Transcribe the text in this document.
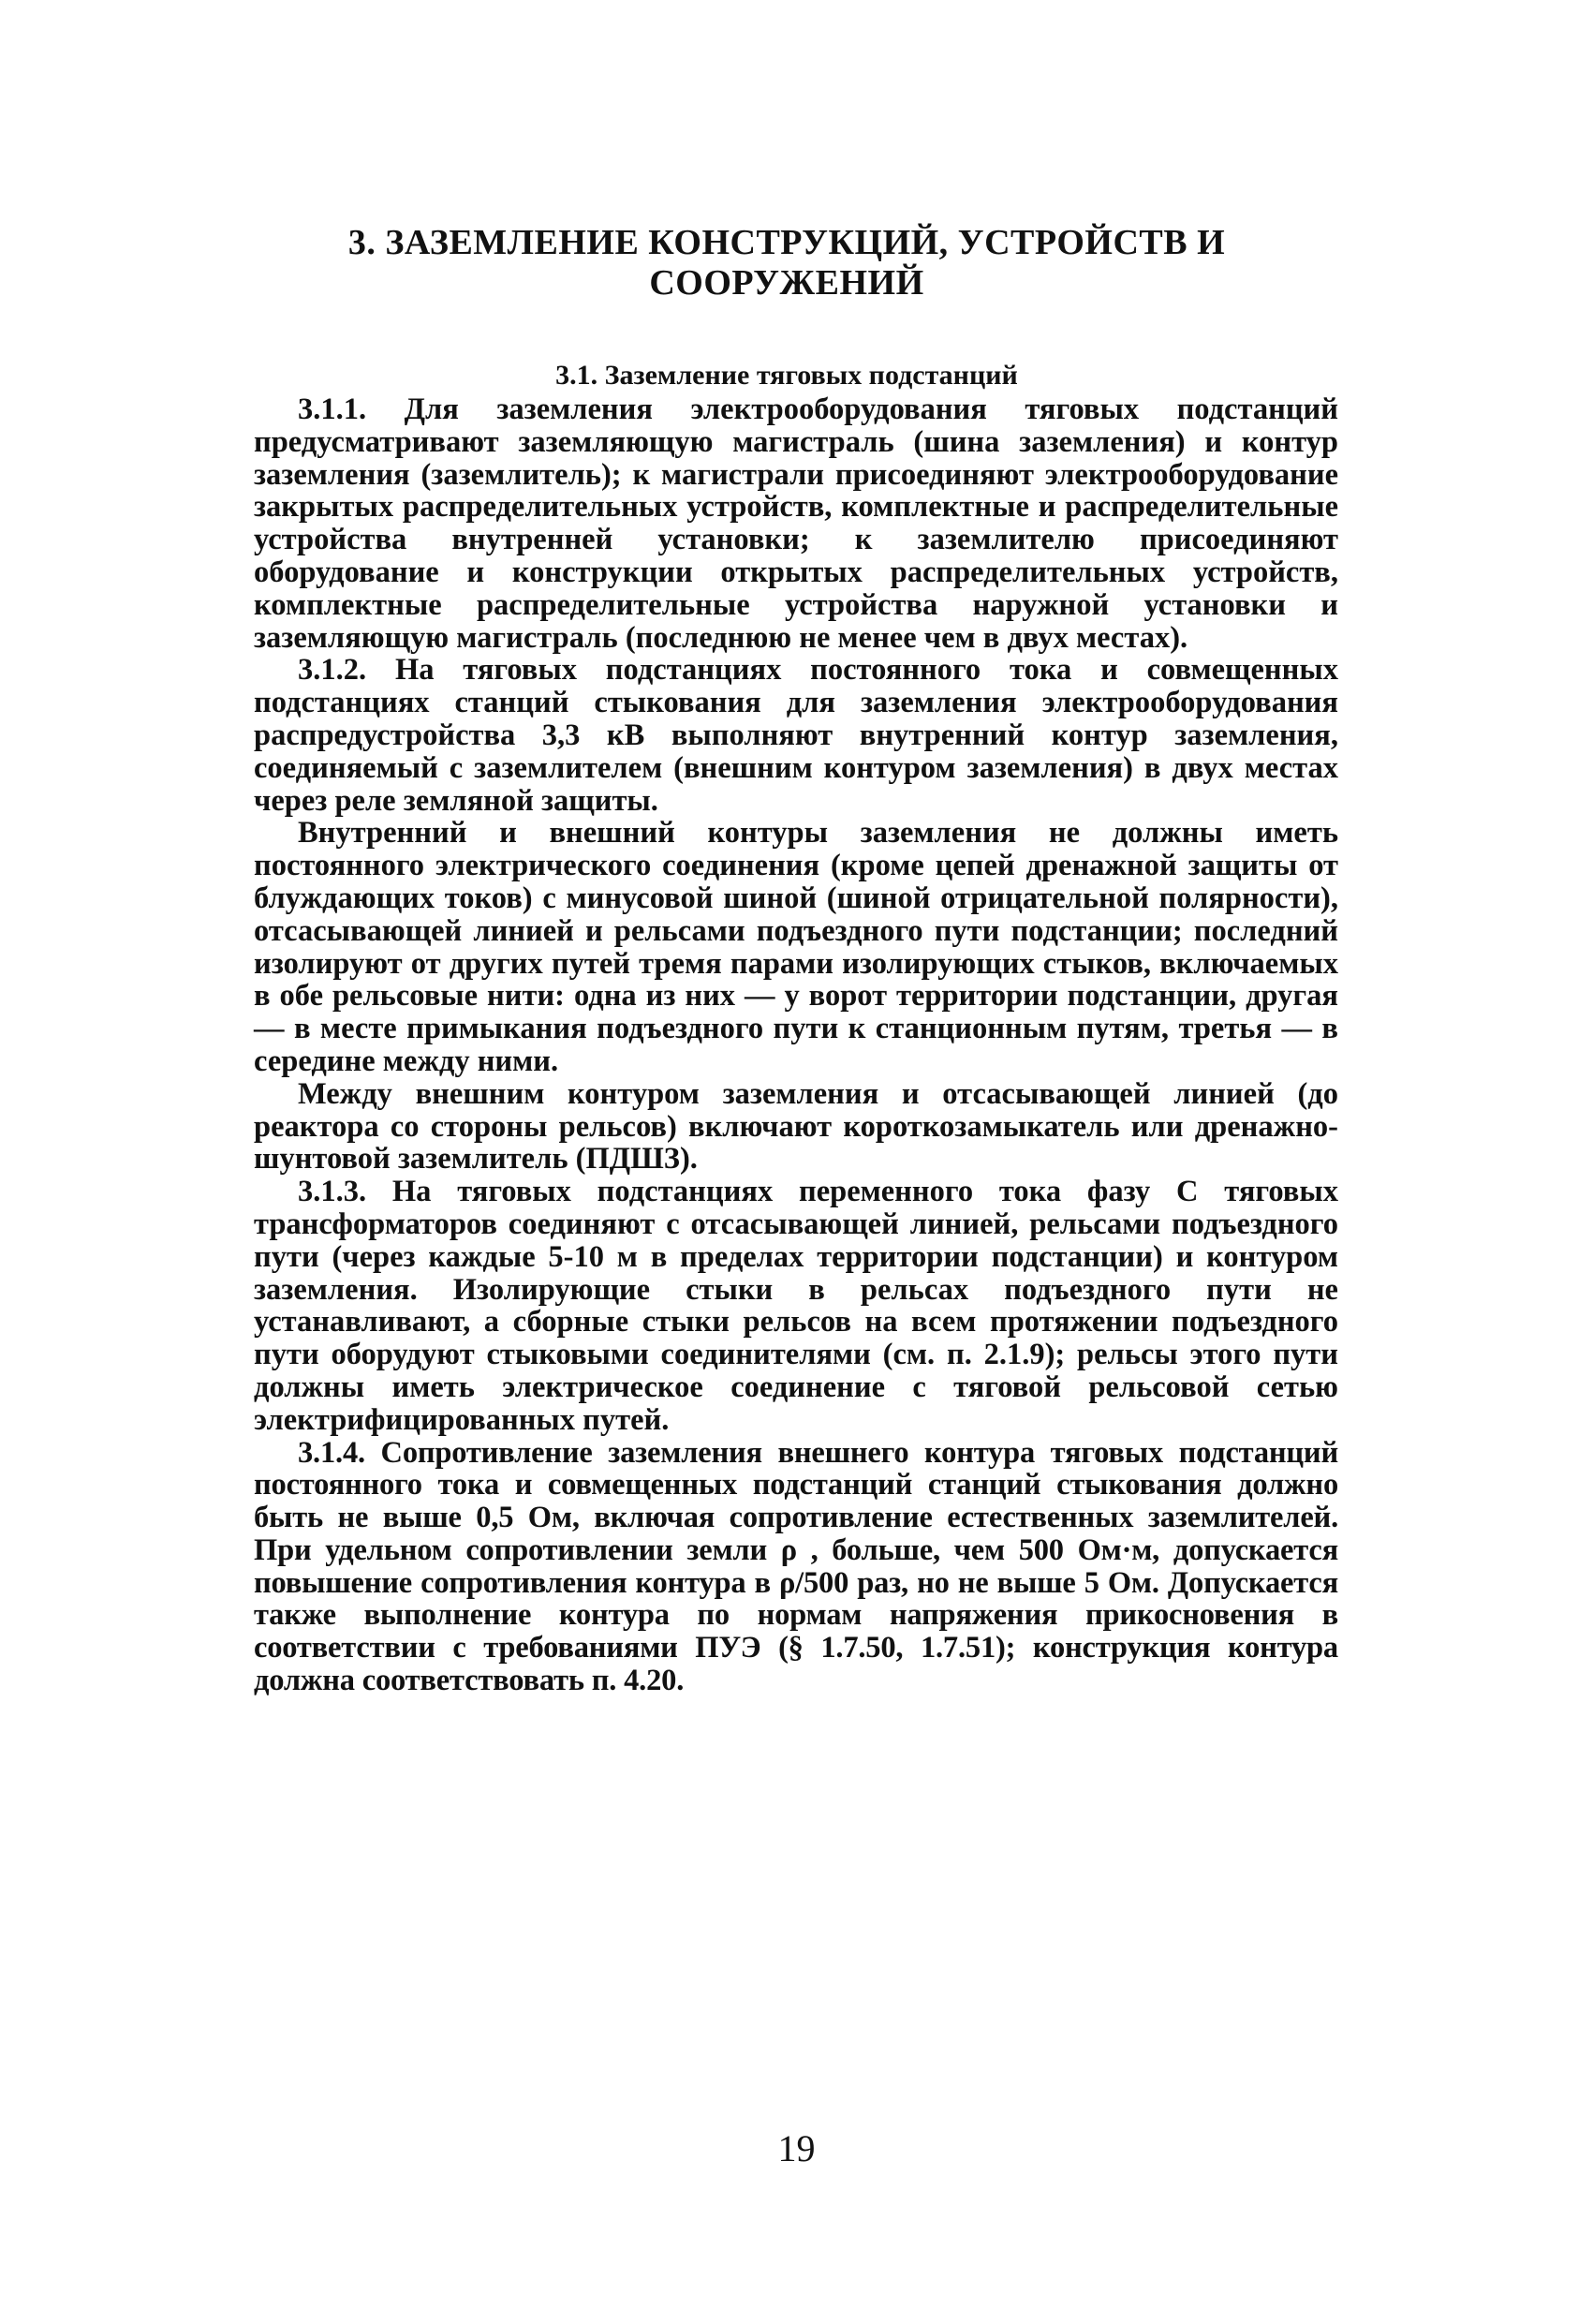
3. ЗАЗЕМЛЕНИЕ КОНСТРУКЦИЙ, УСТРОЙСТВ И
СООРУЖЕНИЙ
3.1. Заземление тяговых подстанций

3.1.1. Для заземления электрооборудования тяговых подстанций предусматривают заземляющую магистраль (шина заземления) и контур заземления (заземлитель); к магистрали присоединяют электрооборудование закрытых распределительных устройств, комплектные и распределительные устройства внутренней установки; к заземлителю присоединяют оборудование и конструкции открытых распределительных устройств, комплектные распределительные устройства наружной установки и заземляющую магистраль (последнюю не менее чем в двух местах).

3.1.2. На тяговых подстанциях постоянного тока и совмещенных подстанциях станций стыкования для заземления электрооборудования распредустройства 3,3 кВ выполняют внутренний контур заземления, соединяемый с заземлителем (внешним контуром заземления) в двух местах через реле земляной защиты.

Внутренний и внешний контуры заземления не должны иметь постоянного электрического соединения (кроме цепей дренажной защиты от блуждающих токов) с минусовой шиной (шиной отрицательной полярности), отсасывающей линией и рельсами подъездного пути подстанции; последний изолируют от других путей тремя парами изолирующих стыков, включаемых в обе рельсовые нити: одна из них — у ворот территории подстанции, другая — в месте примыкания подъездного пути к станционным путям, третья — в середине между ними.

Между внешним контуром заземления и отсасывающей линией (до реактора со стороны рельсов) включают короткозамыкатель или дренажно-шунтовой заземлитель (ПДШЗ).

3.1.3. На тяговых подстанциях переменного тока фазу С тяговых трансформаторов соединяют с отсасывающей линией, рельсами подъездного пути (через каждые 5-10 м в пределах территории подстанции) и контуром заземления. Изолирующие стыки в рельсах подъездного пути не устанавливают, а сборные стыки рельсов на всем протяжении подъездного пути оборудуют стыковыми соединителями (см. п. 2.1.9); рельсы этого пути должны иметь электрическое соединение с тяговой рельсовой сетью электрифицированных путей.

3.1.4. Сопротивление заземления внешнего контура тяговых подстанций постоянного тока и совмещенных подстанций станций стыкования должно быть не выше 0,5 Ом, включая сопротивление естественных заземлителей. При удельном сопротивлении земли ρ , больше, чем 500 Ом·м, допускается повышение сопротивления контура в ρ/500 раз, но не выше 5 Ом. Допускается также выполнение контура по нормам напряжения прикосновения в соответствии с требованиями ПУЭ (§ 1.7.50, 1.7.51); конструкция контура должна соответствовать п. 4.20.

19
